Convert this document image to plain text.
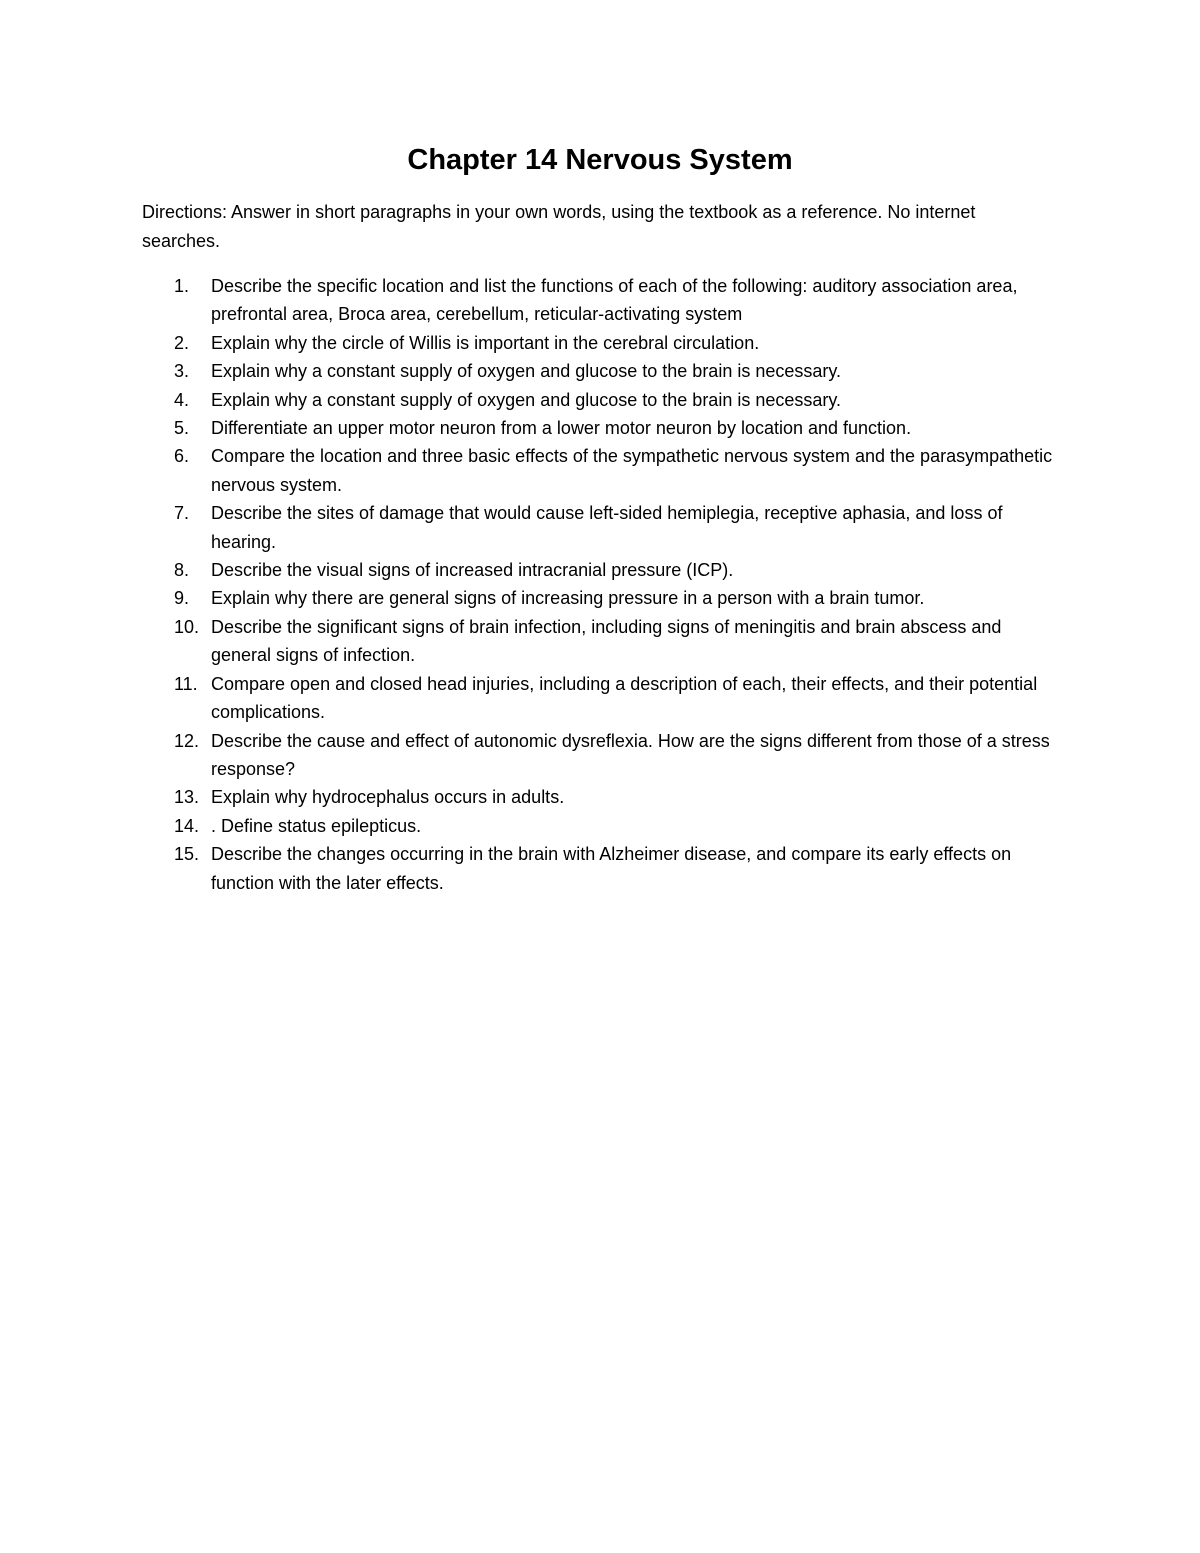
Chapter 14 Nervous System

Directions: Answer in short paragraphs in your own words, using the textbook as a reference. No internet searches.

1.	Describe the specific location and list the functions of each of the following: auditory association area, prefrontal area, Broca area, cerebellum, reticular-activating system
2.	Explain why the circle of Willis is important in the cerebral circulation.
3.	Explain why a constant supply of oxygen and glucose to the brain is necessary.
4.	Explain why a constant supply of oxygen and glucose to the brain is necessary.
5.	Differentiate an upper motor neuron from a lower motor neuron by location and function.
6.	Compare the location and three basic effects of the sympathetic nervous system and the parasympathetic nervous system.
7.	Describe the sites of damage that would cause left-sided hemiplegia, receptive aphasia, and loss of hearing.
8.	Describe the visual signs of increased intracranial pressure (ICP).
9.	Explain why there are general signs of increasing pressure in a person with a brain tumor.
10. Describe the significant signs of brain infection, including signs of meningitis and brain abscess and general signs of infection.
11. Compare open and closed head injuries, including a description of each, their effects, and their potential complications.
12. Describe the cause and effect of autonomic dysreflexia. How are the signs different from those of a stress response?
13. Explain why hydrocephalus occurs in adults.
14. . Define status epilepticus.
15. Describe the changes occurring in the brain with Alzheimer disease, and compare its early effects on function with the later effects.
